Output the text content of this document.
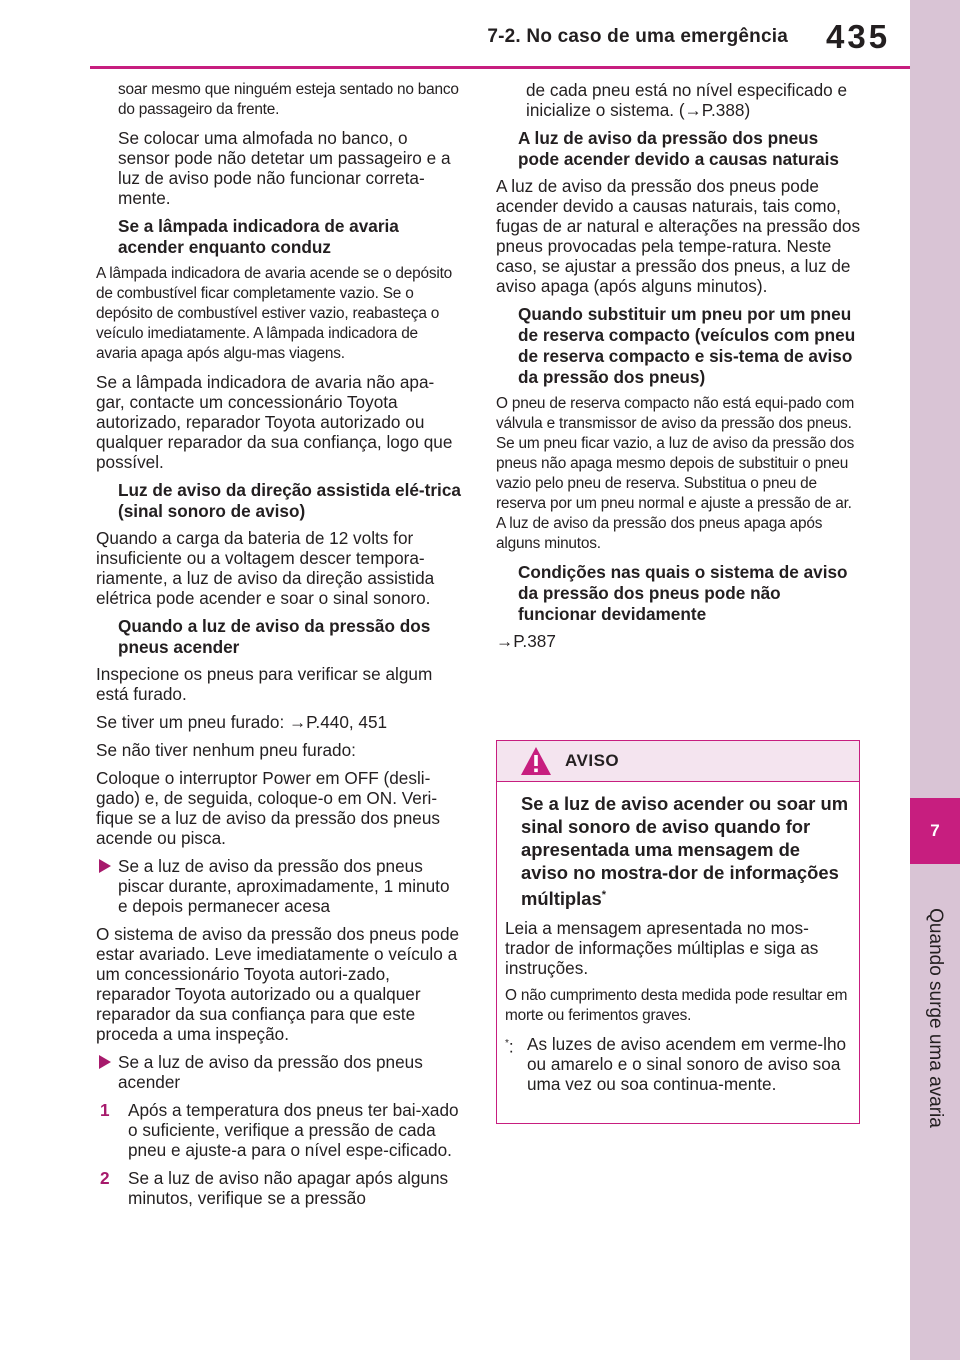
7-2. No caso de uma emergência 435
7
Quando surge uma avaria

soar mesmo que ninguém esteja sentado no banco do passageiro da frente.

Se colocar uma almofada no banco, o sensor pode não detetar um passageiro e a luz de aviso pode não funcionar correta-mente.

Se a lâmpada indicadora de avaria acender enquanto conduz

A lâmpada indicadora de avaria acende se o depósito de combustível ficar completamente vazio. Se o depósito de combustível estiver vazio, reabasteça o veículo imediatamente. A lâmpada indicadora de avaria apaga após algu-mas viagens.

Se a lâmpada indicadora de avaria não apa-gar, contacte um concessionário Toyota autorizado, reparador Toyota autorizado ou qualquer reparador da sua confiança, logo que possível.

Luz de aviso da direção assistida elé-trica (sinal sonoro de aviso)

Quando a carga da bateria de 12 volts for insuficiente ou a voltagem descer tempora-riamente, a luz de aviso da direção assistida elétrica pode acender e soar o sinal sonoro.

Quando a luz de aviso da pressão dos pneus acender

Inspecione os pneus para verificar se algum está furado.

Se tiver um pneu furado: →P.440, 451

Se não tiver nenhum pneu furado:

Coloque o interruptor Power em OFF (desli-gado) e, de seguida, coloque-o em ON. Veri-fique se a luz de aviso da pressão dos pneus acende ou pisca.

Se a luz de aviso da pressão dos pneus piscar durante, aproximadamente, 1 minuto e depois permanecer acesa

O sistema de aviso da pressão dos pneus pode estar avariado. Leve imediatamente o veículo a um concessionário Toyota autori-zado, reparador Toyota autorizado ou a qualquer reparador da sua confiança para que este proceda a uma inspeção.

Se a luz de aviso da pressão dos pneus acender

1 Após a temperatura dos pneus ter bai-xado o suficiente, verifique a pressão de cada pneu e ajuste-a para o nível espe-cificado.

2 Se a luz de aviso não apagar após alguns minutos, verifique se a pressão

de cada pneu está no nível especificado e inicialize o sistema. (→P.388)

A luz de aviso da pressão dos pneus pode acender devido a causas naturais

A luz de aviso da pressão dos pneus pode acender devido a causas naturais, tais como, fugas de ar natural e alterações na pressão dos pneus provocadas pela tempe-ratura. Neste caso, se ajustar a pressão dos pneus, a luz de aviso apaga (após alguns minutos).

Quando substituir um pneu por um pneu de reserva compacto (veículos com pneu de reserva compacto e sis-tema de aviso da pressão dos pneus)

O pneu de reserva compacto não está equi-pado com válvula e transmissor de aviso da pressão dos pneus. Se um pneu ficar vazio, a luz de aviso da pressão dos pneus não apaga mesmo depois de substituir o pneu vazio pelo pneu de reserva. Substitua o pneu de reserva por um pneu normal e ajuste a pressão de ar. A luz de aviso da pressão dos pneus apaga após alguns minutos.

Condições nas quais o sistema de aviso da pressão dos pneus pode não funcionar devidamente

→P.387

AVISO
Se a luz de aviso acender ou soar um sinal sonoro de aviso quando for apresentada uma mensagem de aviso no mostra-dor de informações múltiplas*

Leia a mensagem apresentada no mos-trador de informações múltiplas e siga as instruções.

O não cumprimento desta medida pode resultar em morte ou ferimentos graves.

*: As luzes de aviso acendem em verme-lho ou amarelo e o sinal sonoro de aviso soa uma vez ou soa continua-mente.
